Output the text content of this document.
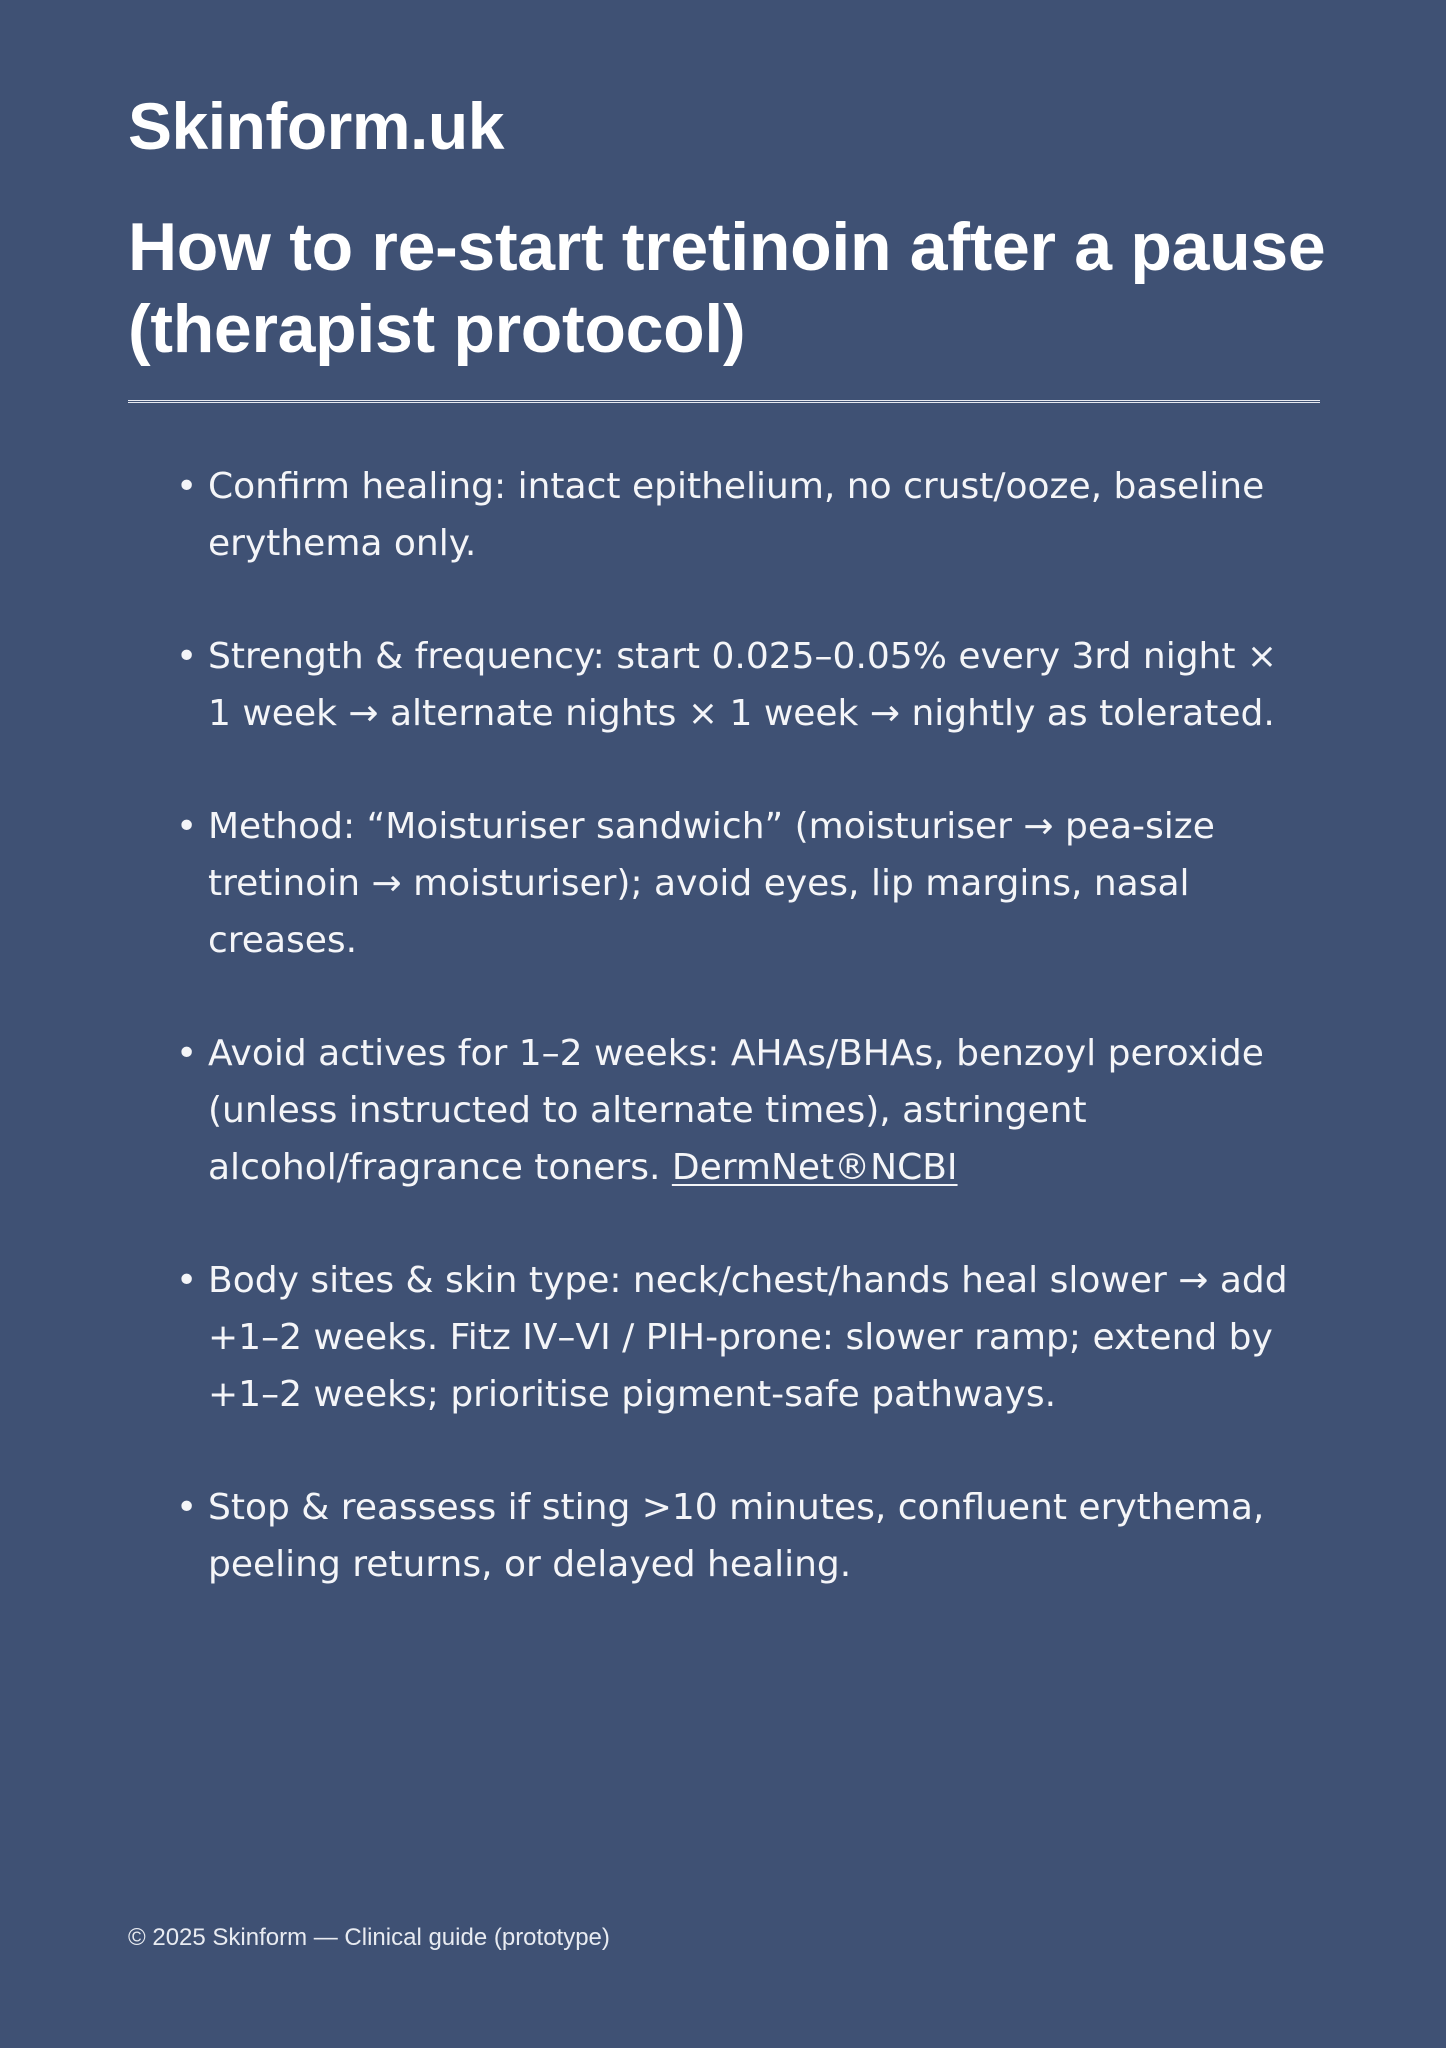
Skinform.uk
How to re-start tretinoin after a pause (therapist protocol)
• Confirm healing: intact epithelium, no crust/ooze, baseline erythema only.
• Strength & frequency: start 0.025–0.05% every 3rd night × 1 week → alternate nights × 1 week → nightly as tolerated.
• Method: “Moisturiser sandwich” (moisturiser → pea-size tretinoin → moisturiser); avoid eyes, lip margins, nasal creases.
• Avoid actives for 1–2 weeks: AHAs/BHAs, benzoyl peroxide (unless instructed to alternate times), astringent alcohol/fragrance toners. DermNet®NCBI
• Body sites & skin type: neck/chest/hands heal slower → add +1–2 weeks. Fitz IV–VI / PIH-prone: slower ramp; extend by +1–2 weeks; prioritise pigment-safe pathways.
• Stop & reassess if sting >10 minutes, confluent erythema, peeling returns, or delayed healing.

© 2025 Skinform — Clinical guide (prototype)
